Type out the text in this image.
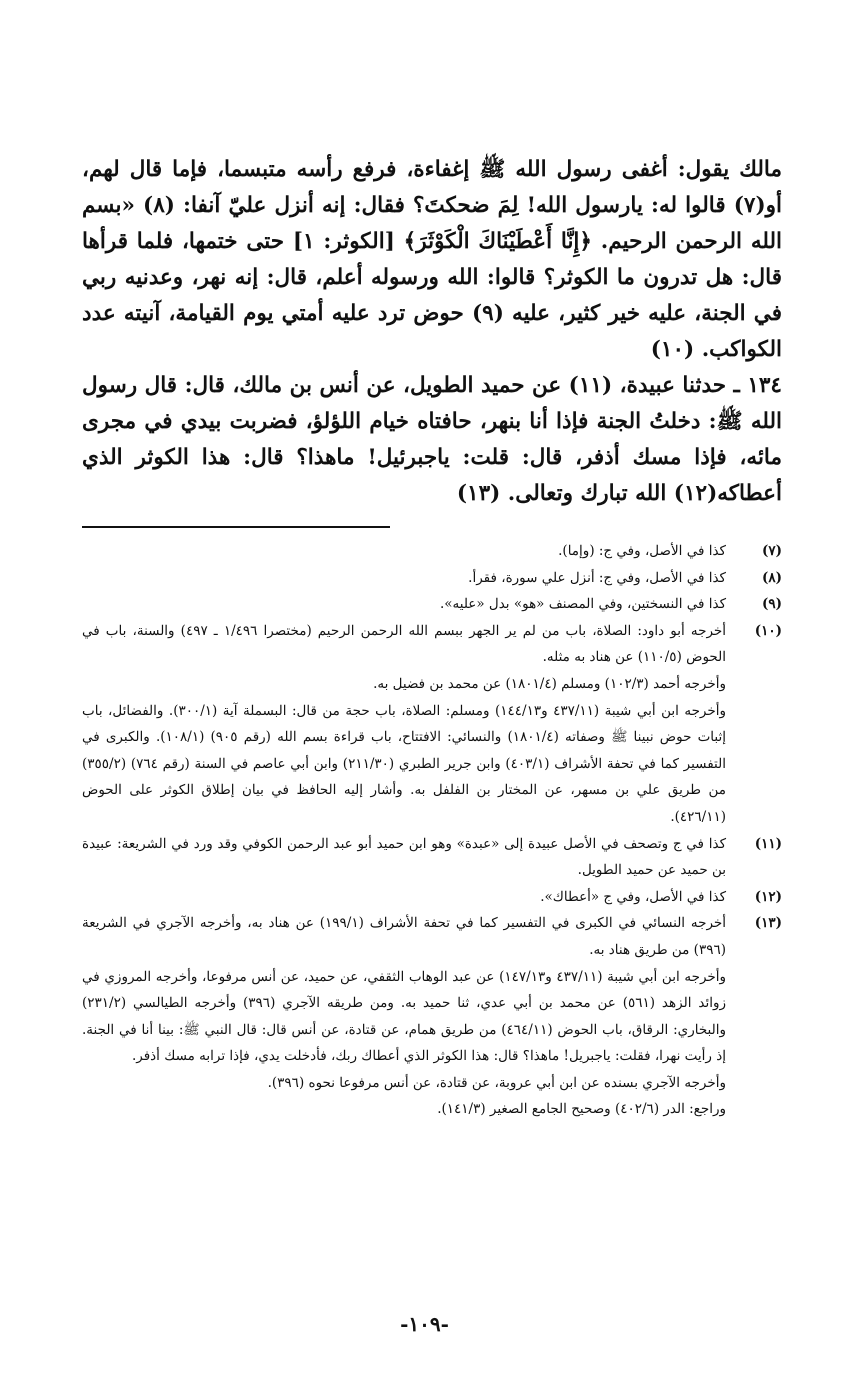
مالك يقول: أغفى رسول الله ﷺ إغفاءة، فرفع رأسه متبسما، فإما قال لهم، أو(٧) قالوا له: يارسول الله! لِمَ ضحكتَ؟ فقال: إنه أنزل عليّ آنفا: (٨) «بسم الله الرحمن الرحيم. ﴿إِنَّا أَعْطَيْنَاكَ الْكَوْثَرَ﴾ [الكوثر: ١] حتى ختمها، فلما قرأها قال: هل تدرون ما الكوثر؟ قالوا: الله ورسوله أعلم، قال: إنه نهر، وعدنيه ربي في الجنة، عليه خير كثير، عليه (٩) حوض ترد عليه أمتي يوم القيامة، آنيته عدد الكواكب. (١٠)

١٣٤ ـ حدثنا عبيدة، (١١) عن حميد الطويل، عن أنس بن مالك، قال: قال رسول الله ﷺ: دخلتُ الجنة فإذا أنا بنهر، حافتاه خيام اللؤلؤ، فضربت بيدي في مجرى مائه، فإذا مسك أذفر، قال: قلت: ياجبرئيل! ماهذا؟ قال: هذا الكوثر الذي أعطاكه(١٢) الله تبارك وتعالى. (١٣)

(٧)
كذا في الأصل، وفي ج: (وإما).
(٨)
كذا في الأصل، وفي ج: أنزل علي سورة، فقرأ.
(٩)
كذا في النسختين، وفي المصنف «هو» بدل «عليه».
(١٠)
أخرجه أبو داود: الصلاة، باب من لم ير الجهر ببسم الله الرحمن الرحيم (مختصرا ١/٤٩٦ ـ ٤٩٧) والسنة، باب في الحوض (١١٠/٥) عن هناد به مثله.
وأخرجه أحمد (١٠٢/٣) ومسلم (١٨٠١/٤) عن محمد بن فضيل به.
وأخرجه ابن أبي شيبة (٤٣٧/١١ و١٤٤/١٣) ومسلم: الصلاة، باب حجة من قال: البسملة آية (٣٠٠/١). والفضائل، باب إثبات حوض نبينا ﷺ وصفاته (١٨٠١/٤) والنسائي: الافتتاح، باب قراءة بسم الله (رقم ٩٠٥) (١٠٨/١). والكبرى في التفسير كما في تحفة الأشراف (٤٠٣/١) وابن جرير الطبري (٢١١/٣٠) وابن أبي عاصم في السنة (رقم ٧٦٤) (٣٥٥/٢) من طريق علي بن مسهر، عن المختار بن الفلفل به. وأشار إليه الحافظ في بيان إطلاق الكوثر على الحوض (٤٢٦/١١).
(١١)
كذا في ج وتصحف في الأصل عبيدة إلى «عبدة» وهو ابن حميد أبو عبد الرحمن الكوفي وقد ورد في الشريعة: عبيدة بن حميد عن حميد الطويل.
(١٢)
كذا في الأصل، وفي ج «أعطاك».
(١٣)
أخرجه النسائي في الكبرى في التفسير كما في تحفة الأشراف (١٩٩/١) عن هناد به، وأخرجه الآجري في الشريعة (٣٩٦) من طريق هناد به.
وأخرجه ابن أبي شيبة (٤٣٧/١١ و١٤٧/١٣) عن عبد الوهاب الثقفي، عن حميد، عن أنس مرفوعا، وأخرجه المروزي في زوائد الزهد (٥٦١) عن محمد بن أبي عدي، ثنا حميد به. ومن طريقه الآجري (٣٩٦) وأخرجه الطيالسي (٢٣١/٢) والبخاري: الرقاق، باب الحوض (٤٦٤/١١) من طريق همام، عن قتادة، عن أنس قال: قال النبي ﷺ: بينا أنا في الجنة. إذ رأيت نهرا، فقلت: ياجبريل! ماهذا؟ قال: هذا الكوثر الذي أعطاك ربك، فأدخلت يدي، فإذا ترابه مسك أذفر.
وأخرجه الآجري بسنده عن ابن أبي عروبة، عن قتادة، عن أنس مرفوعا نحوه (٣٩٦).
وراجع: الدر (٤٠٢/٦) وصحيح الجامع الصغير (١٤١/٣).
-١٠٩-
